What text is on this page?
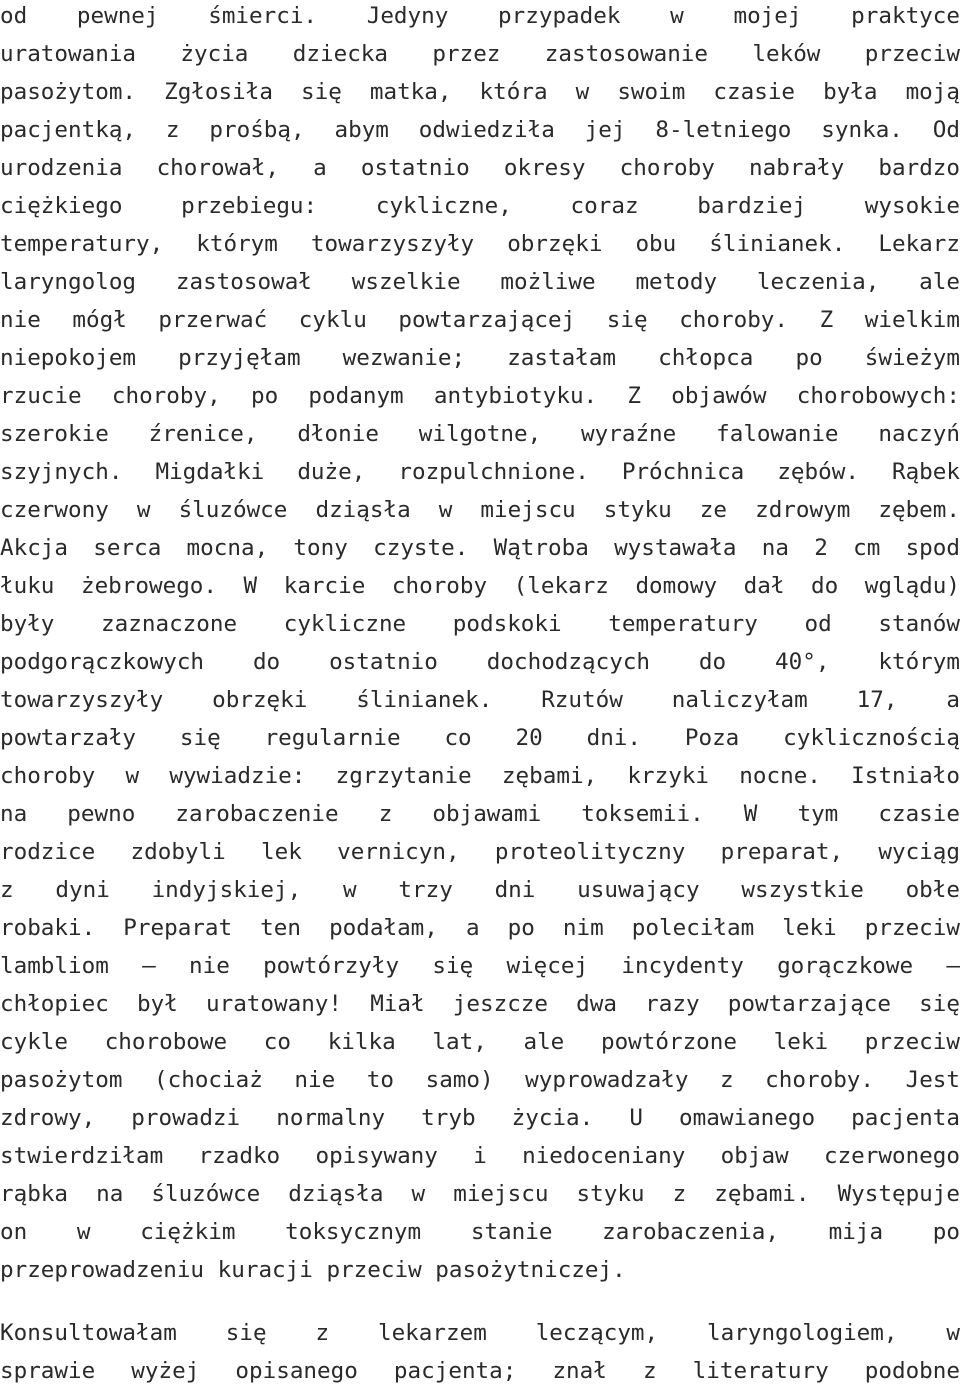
od pewnej śmierci. Jedyny przypadek w mojej praktyce
uratowania życia dziecka przez zastosowanie leków przeciw
pasożytom. Zgłosiła się matka, która w swoim czasie była moją
pacjentką, z prośbą, abym odwiedziła jej 8-letniego synka. Od
urodzenia chorował, a ostatnio okresy choroby nabrały bardzo
ciężkiego przebiegu: cykliczne, coraz bardziej wysokie
temperatury, którym towarzyszyły obrzęki obu ślinianek. Lekarz
laryngolog zastosował wszelkie możliwe metody leczenia, ale
nie mógł przerwać cyklu powtarzającej się choroby. Z wielkim
niepokojem przyjęłam wezwanie; zastałam chłopca po świeżym
rzucie choroby, po podanym antybiotyku. Z objawów chorobowych:
szerokie źrenice, dłonie wilgotne, wyraźne falowanie naczyń
szyjnych. Migdałki duże, rozpulchnione. Próchnica zębów. Rąbek
czerwony w śluzówce dziąsła w miejscu styku ze zdrowym zębem.
Akcja serca mocna, tony czyste. Wątroba wystawała na 2 cm spod
łuku żebrowego. W karcie choroby (lekarz domowy dał do wglądu)
były zaznaczone cykliczne podskoki temperatury od stanów
podgorączkowych do ostatnio dochodzących do 40°, którym
towarzyszyły obrzęki ślinianek. Rzutów naliczyłam 17, a
powtarzały się regularnie co 20 dni. Poza cyklicznością
choroby w wywiadzie: zgrzytanie zębami, krzyki nocne. Istniało
na pewno zarobaczenie z objawami toksemii. W tym czasie
rodzice zdobyli lek vernicyn, proteolityczny preparat, wyciąg
z dyni indyjskiej, w trzy dni usuwający wszystkie obłe
robaki. Preparat ten podałam, a po nim poleciłam leki przeciw
lambliom – nie powtórzyły się więcej incydenty gorączkowe –
chłopiec był uratowany! Miał jeszcze dwa razy powtarzające się
cykle chorobowe co kilka lat, ale powtórzone leki przeciw
pasożytom (chociaż nie to samo) wyprowadzały z choroby. Jest
zdrowy, prowadzi normalny tryb życia. U omawianego pacjenta
stwierdziłam rzadko opisywany i niedoceniany objaw czerwonego
rąbka na śluzówce dziąsła w miejscu styku z zębami. Występuje
on w ciężkim toksycznym stanie zarobaczenia, mija po
przeprowadzeniu kuracji przeciw pasożytniczej.
Konsultowałam się z lekarzem leczącym, laryngologiem, w
sprawie wyżej opisanego pacjenta; znał z literatury podobne
